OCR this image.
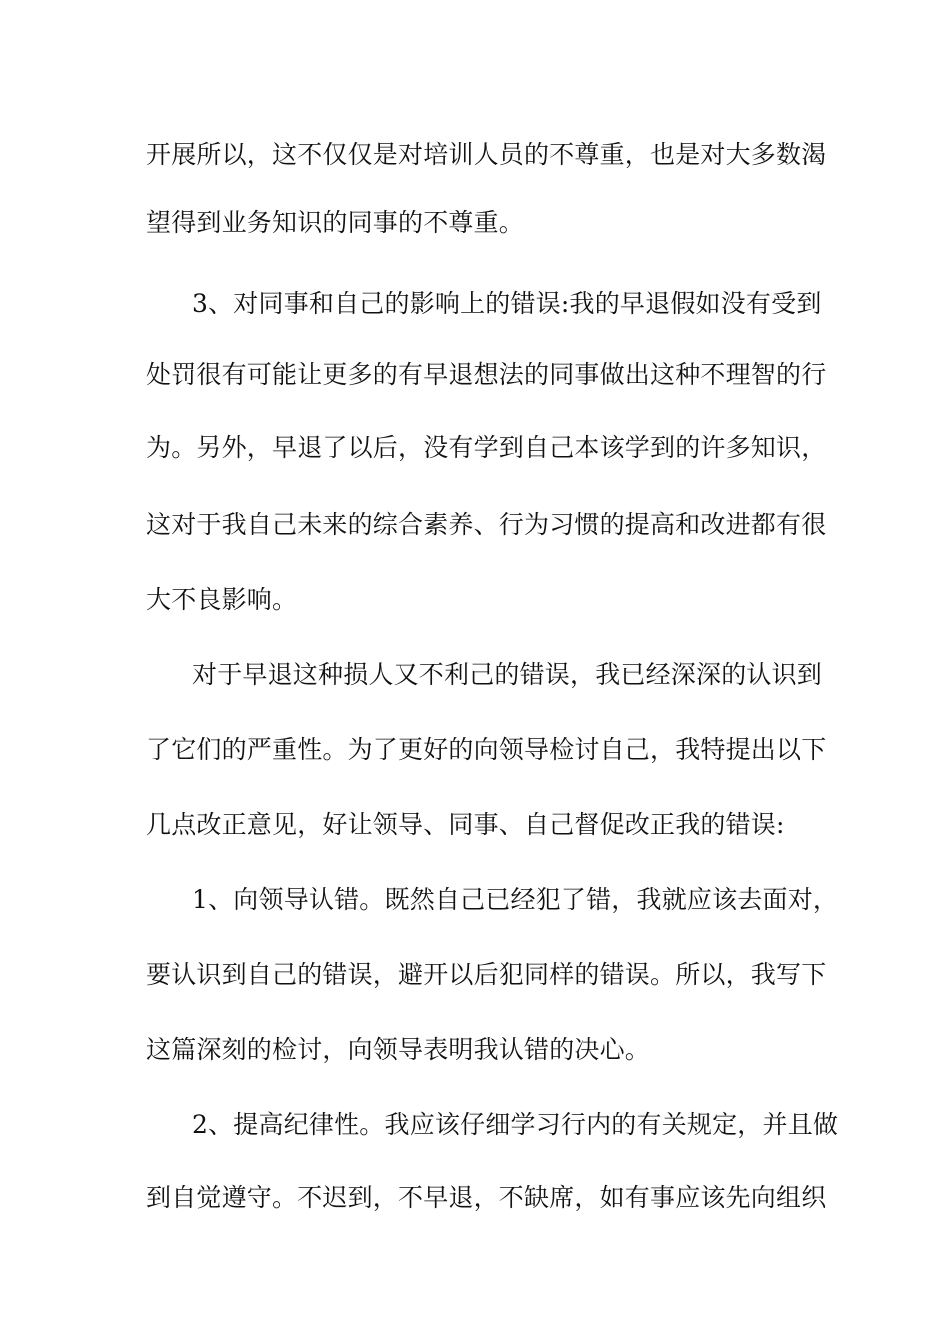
开展所以，这不仅仅是对培训人员的不尊重，也是对大多数渴
望得到业务知识的同事的不尊重。
3、对同事和自己的影响上的错误:我的早退假如没有受到
处罚很有可能让更多的有早退想法的同事做出这种不理智的行
为。另外，早退了以后，没有学到自己本该学到的许多知识，
这对于我自己未来的综合素养、行为习惯的提高和改进都有很
大不良影响。
对于早退这种损人又不利己的错误，我已经深深的认识到
了它们的严重性。为了更好的向领导检讨自己，我特提出以下
几点改正意见，好让领导、同事、自己督促改正我的错误:
1、向领导认错。既然自己已经犯了错，我就应该去面对，
要认识到自己的错误，避开以后犯同样的错误。所以，我写下
这篇深刻的检讨，向领导表明我认错的决心。
2、提高纪律性。我应该仔细学习行内的有关规定，并且做
到自觉遵守。不迟到，不早退，不缺席，如有事应该先向组织
